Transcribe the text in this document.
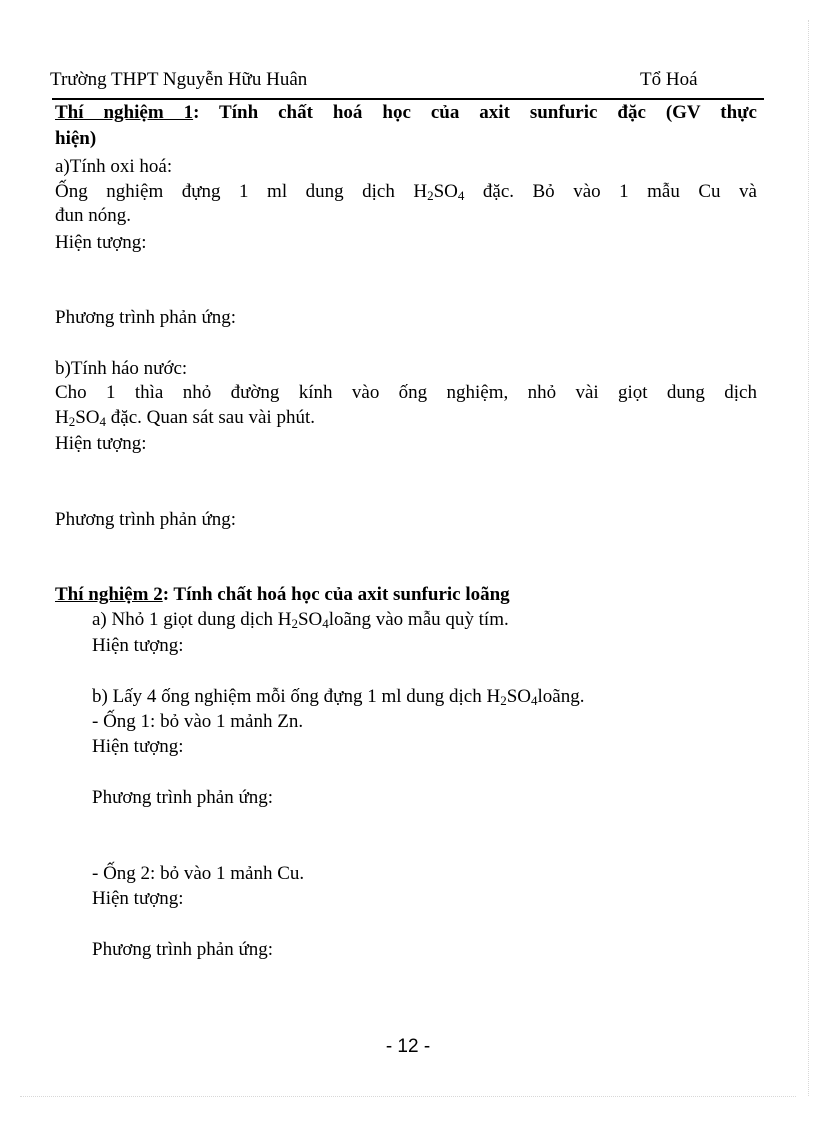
Trường THPT Nguyễn Hữu Huân	Tổ Hoá
Thí nghiệm 1: Tính chất hoá học của axit sunfuric đặc (GV thực
hiện)
a)Tính oxi hoá:
Ống nghiệm đựng 1 ml dung dịch $H_2SO_4$ đặc. Bỏ vào 1 mẫu Cu và
đun nóng.
Hiện tượng:
Phương trình phản ứng:
b)Tính háo nước:
Cho 1 thìa nhỏ đường kính vào ống nghiệm, nhỏ vài giọt dung dịch
$H_2SO_4$ đặc. Quan sát sau vài phút.
Hiện tượng:
Phương trình phản ứng:
Thí nghiệm 2: Tính chất hoá học của axit sunfuric loãng
a) Nhỏ 1 giọt dung dịch $H_2SO_4loãng$ vào mẫu quỳ tím.
Hiện tượng:
b) Lấy 4 ống nghiệm mỗi ống đựng 1 ml dung dịch $H_2SO_4loãng$.
- Ống 1: bỏ vào 1 mảnh Zn.
Hiện tượng:
Phương trình phản ứng:
- Ống 2: bỏ vào 1 mảnh Cu.
Hiện tượng:
Phương trình phản ứng:
- 12 -
